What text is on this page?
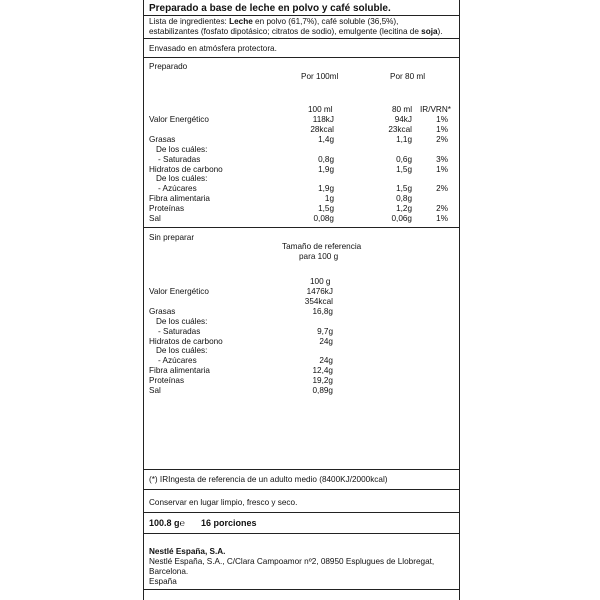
Preparado a base de leche en polvo y café soluble.
Lista de ingredientes: Leche en polvo (61,7%), café soluble (36,5%),
estabilizantes (fosfato dipotásico; citratos de sodio), emulgente (lecitina de soja).
Envasado en atmósfera protectora.
Preparado
Por 100ml	Por 80 ml
100 ml	80 ml IR/VRN*
Valor Energético	118kJ	94kJ	1%
28kcal	23kcal	1%
Grasas	1,4g	1,1g	2%
De los cuáles:
- Saturadas	0,8g	0,6g	3%
Hidratos de carbono	1,9g	1,5g	1%
De los cuáles:
- Azúcares	1,9g	1,5g	2%
Fibra alimentaria	1g	0,8g
Proteínas	1,5g	1,2g	2%
Sal	0,08g	0,06g	1%
Sin preparar
Tamaño de referencia
para 100 g
100 g
Valor Energético	1476kJ
354kcal
Grasas	16,8g
De los cuáles:
- Saturadas	9,7g
Hidratos de carbono	24g
De los cuáles:
- Azúcares	24g
Fibra alimentaria	12,4g
Proteínas	19,2g
Sal	0,89g
(*) IRIngesta de referencia de un adulto medio (8400KJ/2000kcal)
Conservar en lugar limpio, fresco y seco.
100.8 g℮ 16 porciones
Nestlé España, S.A.
Nestlé España, S.A., C/Clara Campoamor nº2, 08950 Esplugues de Llobregat,
Barcelona.
España
